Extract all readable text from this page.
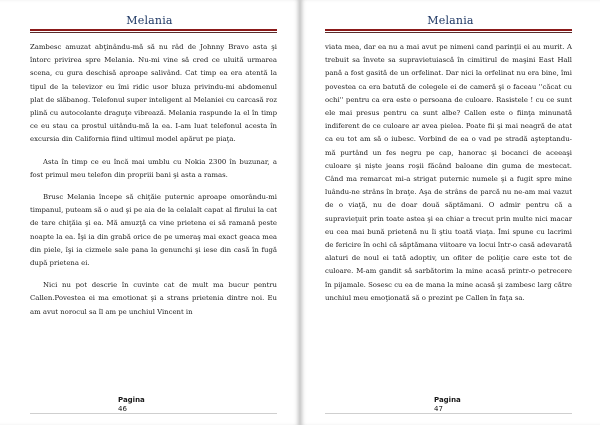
Melania

Zambesc amuzat abţinându-mă să nu râd de Johnny Bravo asta şi întorc privirea spre Melania. Nu-mi vine să cred ce uluită urmarea scena, cu gura deschisă aproape salivând. Cat timp ea era atentă la tipul de la televizor eu îmi ridic usor bluza privindu-mi abdomenul plat de slăbanog. Telefonul super inteligent al Melaniei cu carcasă roz plină cu autocolante draguţe vibrează. Melania raspunde la el în timp ce eu stau ca prostul uitându-mă la ea. I-am luat telefonul acesta în excursia din California fiind ultimul model apărut pe piaţa.

Asta în timp ce eu încă mai umblu cu Nokia 2300 în buzunar, a fost primul meu telefon din propriii bani şi asta a ramas.

Brusc Melania începe să chiţăie puternic aproape omorându-mi timpanul, puteam să o aud şi pe aia de la celalalt capat al firului la cat de tare chiţăia şi ea. Mă amuzţă ca vine prietena ei să ramanâ peste noapte la ea. Îşi ia din grabă orice de pe umeraş mai exact geaca mea din piele, îşi ia cizmele sale pana la genunchi şi iese din casă în fugă după prietena ei.

Nici nu pot descrie în cuvinte cat de mult ma bucur pentru Callen.Povestea ei ma emotionat şi a strans prietenia dintre noi. Eu am avut norocul sa îl am pe unchiul Vincent in

Pagina
46
Melania

viata mea, dar ea nu a mai avut pe nimeni cand parinţii ei au murit. A trebuit sa învete sa supravietuiască în cimitirul de maşini East Hall pană a fost gasită de un orfelinat. Dar nici la orfelinat nu era bine, îmi povestea ca era batută de colegele ei de cameră şi o faceau ''căcat cu ochi'' pentru ca era este o persoana de culoare. Rasistele ! cu ce sunt ele mai presus pentru ca sunt albe? Callen este o fiinţa minunată indiferent de ce culoare ar avea pielea. Poate fii şi mai neagră de atat ca eu tot am să o iubesc. Vorbind de ea o vad pe stradă aşteptandu-mă purtând un fes negru pe cap, hanorac şi bocanci de aceeaşi culoare şi niște jeans roşii făcând baloane din guma de mestecat. Când ma remarcat mi-a strigat puternic numele şi a fugit spre mine luându-ne strâns în braţe. Aşa de strâns de parcă nu ne-am mai vazut de o viaţă, nu de doar două săptămani. O admir pentru că a supravieţuit prin toate astea şi ea chiar a trecut prin multe nici macar eu cea mai bună prietenă nu îi ştiu toată viaţa. Îmi spune cu lacrimi de fericire în ochi că săptămana viitoare va locui într-o casă adevarată alaturi de noul ei tată adoptiv, un ofiter de poliţie care este tot de culoare. M-am gandit să sarbătorim la mine acasă printr-o petrecere în pijamale. Sosesc cu ea de mana la mine acasă şi zambesc larg către unchiul meu emoţionată să o prezint pe Callen în faţa sa.

Pagina
47
